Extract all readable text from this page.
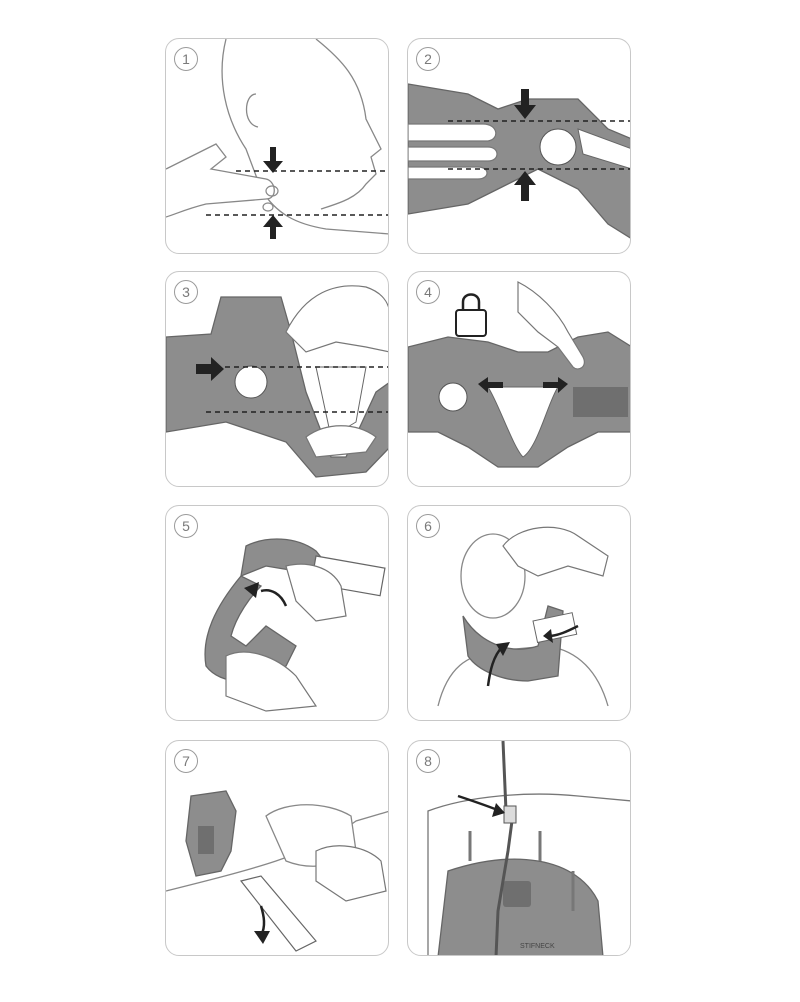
1	2
3	4
5	6
7	8
STIFNECK
